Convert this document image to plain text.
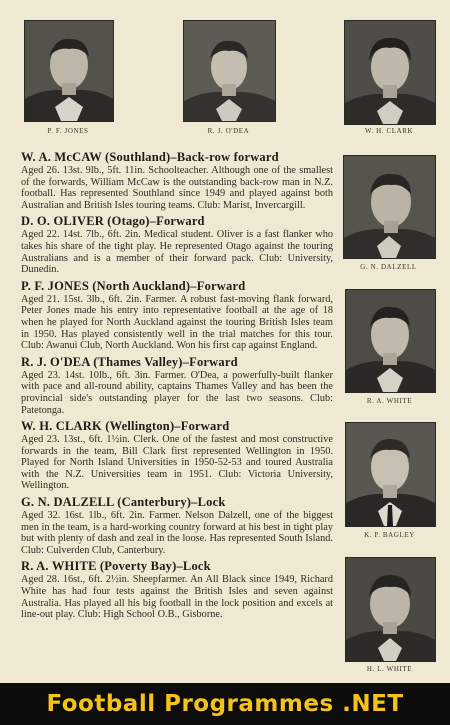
P. F. JONES	R. J. O'DEA	W. H. CLARK
G. N. DALZELL
R. A. WHITE
K. P. BAGLEY
H. L. WHITE

W. A. McCAW (Southland)–Back-row forward

Aged 26. 13st. 9lb., 5ft. 11in. Schoolteacher. Although one of the smallest of the forwards, William McCaw is the outstanding back-row man in N.Z. football. Has represented Southland since 1949 and played against both Australian and British Isles touring teams. Club: Marist, Invercargill.

D. O. OLIVER (Otago)–Forward

Aged 22. 14st. 7lb., 6ft. 2in. Medical student. Oliver is a fast flanker who takes his share of the tight play. He represented Otago against the touring Australians and is a member of their forward pack. Club: University, Dunedin.

P. F. JONES (North Auckland)–Forward

Aged 21. 15st. 3lb., 6ft. 2in. Farmer. A robust fast-moving flank forward, Peter Jones made his entry into representative football at the age of 18 when he played for North Auckland against the touring British Isles team in 1950. Has played consistently well in the trial matches for this tour. Club: Awanui Club, North Auckland. Won his first cap against England.

R. J. O'DEA (Thames Valley)–Forward

Aged 23. 14st. 10lb., 6ft. 3in. Farmer. O'Dea, a powerfully-built flanker with pace and all-round ability, captains Thames Valley and has been the provincial side's outstanding player for the last two seasons. Club: Patetonga.

W. H. CLARK (Wellington)–Forward

Aged 23. 13st., 6ft. 1½in. Clerk. One of the fastest and most constructive forwards in the team, Bill Clark first represented Wellington in 1950. Played for North Island Universities in 1950-52-53 and toured Australia with the N.Z. Universities team in 1951. Club: Victoria University, Wellington.

G. N. DALZELL (Canterbury)–Lock

Aged 32. 16st. 1lb., 6ft. 2in. Farmer. Nelson Dalzell, one of the biggest men in the team, is a hard-working country forward at his best in tight play but with plenty of dash and zeal in the loose. Has represented South Island. Club: Culverden Club, Canterbury.

R. A. WHITE (Poverty Bay)–Lock

Aged 28. 16st., 6ft. 2½in. Sheepfarmer. An All Black since 1949, Richard White has had four tests against the British Isles and seven against Australia. Has played all his big football in the lock position and excels at line-out play. Club: High School O.B., Gisborne.

Football Programmes .NET
